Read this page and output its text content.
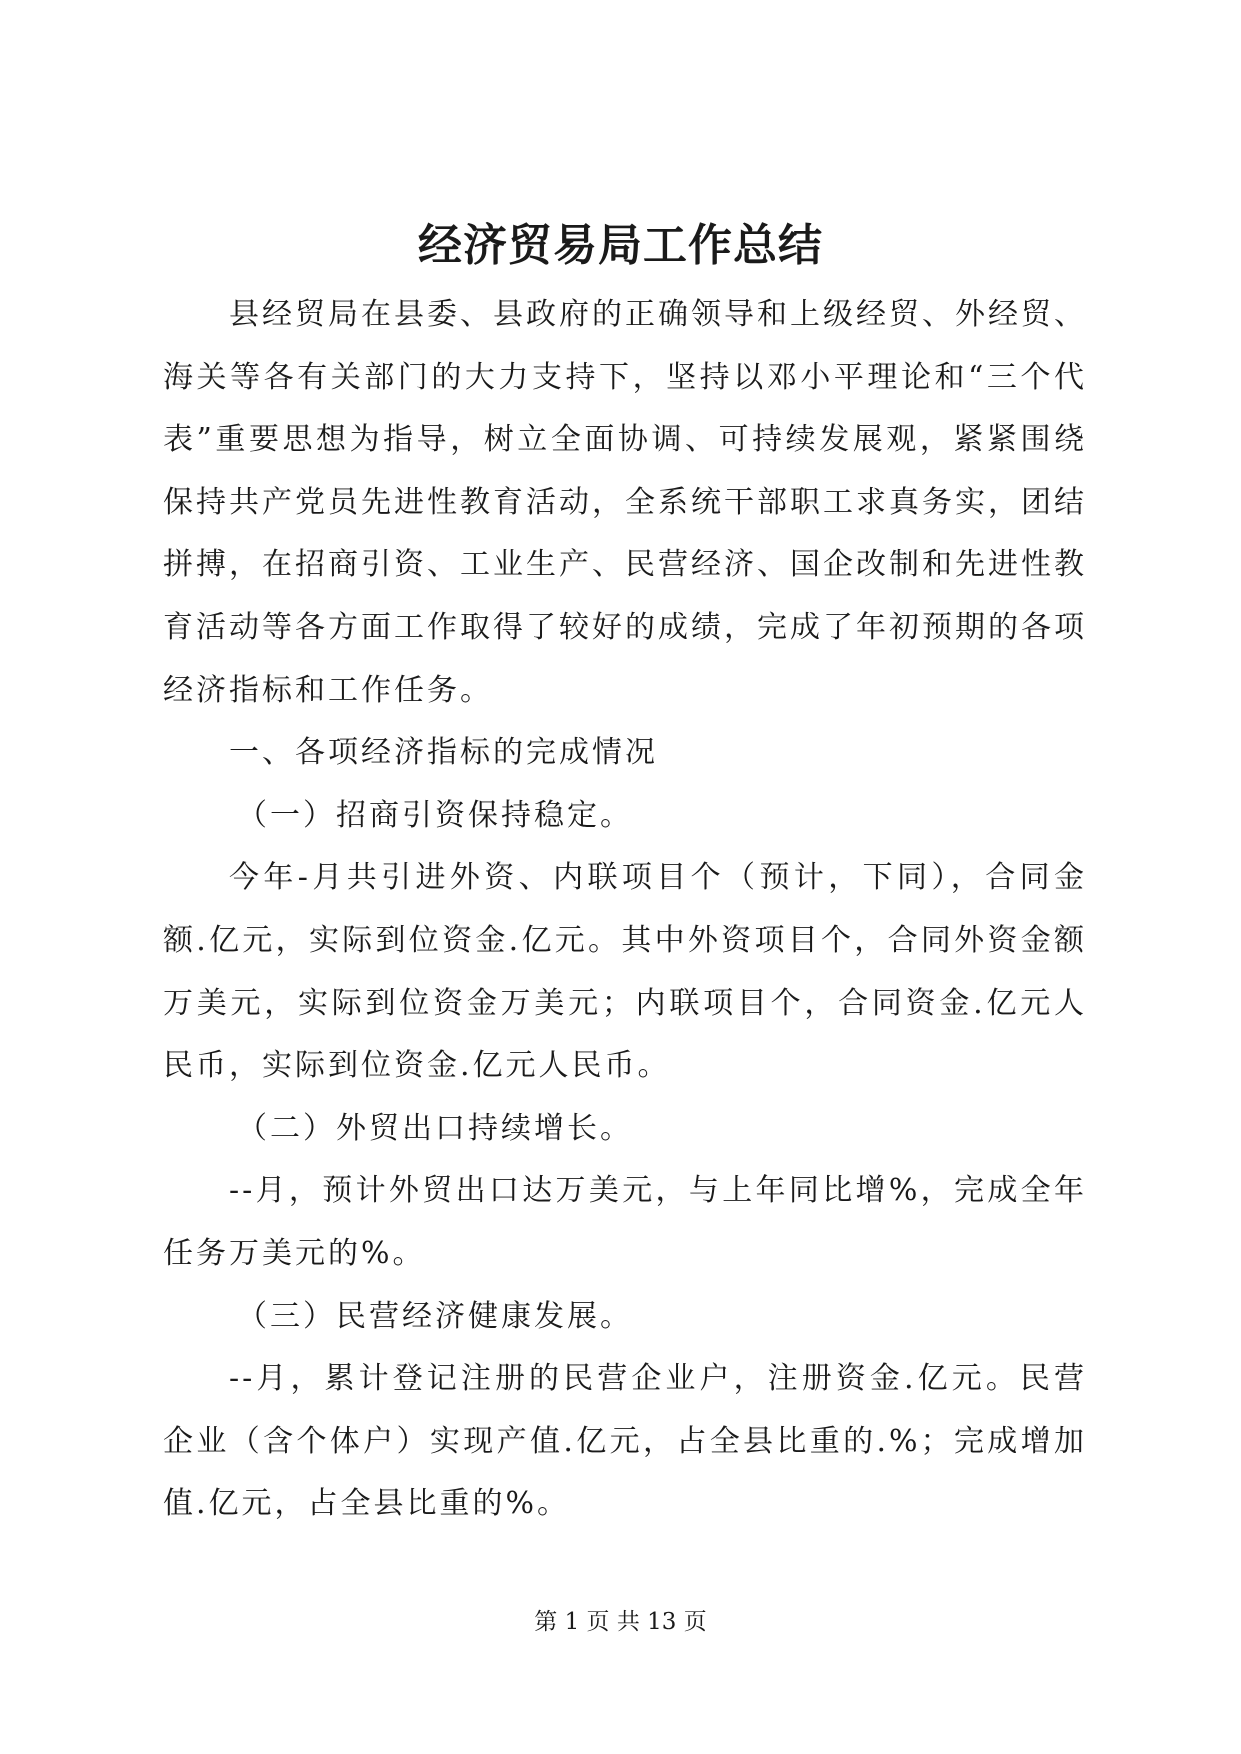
经济贸易局工作总结

县经贸局在县委、县政府的正确领导和上级经贸、外经贸、海关等各有关部门的大力支持下，坚持以邓小平理论和“三个代表”重要思想为指导，树立全面协调、可持续发展观，紧紧围绕保持共产党员先进性教育活动，全系统干部职工求真务实，团结拼搏，在招商引资、工业生产、民营经济、国企改制和先进性教育活动等各方面工作取得了较好的成绩，完成了年初预期的各项经济指标和工作任务。

一、各项经济指标的完成情况

（一）招商引资保持稳定。

今年-月共引进外资、内联项目个（预计，下同），合同金额.亿元，实际到位资金.亿元。其中外资项目个，合同外资金额万美元，实际到位资金万美元；内联项目个，合同资金.亿元人民币，实际到位资金.亿元人民币。

（二）外贸出口持续增长。

--月，预计外贸出口达万美元，与上年同比增%，完成全年任务万美元的%。

（三）民营经济健康发展。

--月，累计登记注册的民营企业户，注册资金.亿元。民营企业（含个体户）实现产值.亿元，占全县比重的.%；完成增加值.亿元，占全县比重的%。

第 1 页 共 13 页
